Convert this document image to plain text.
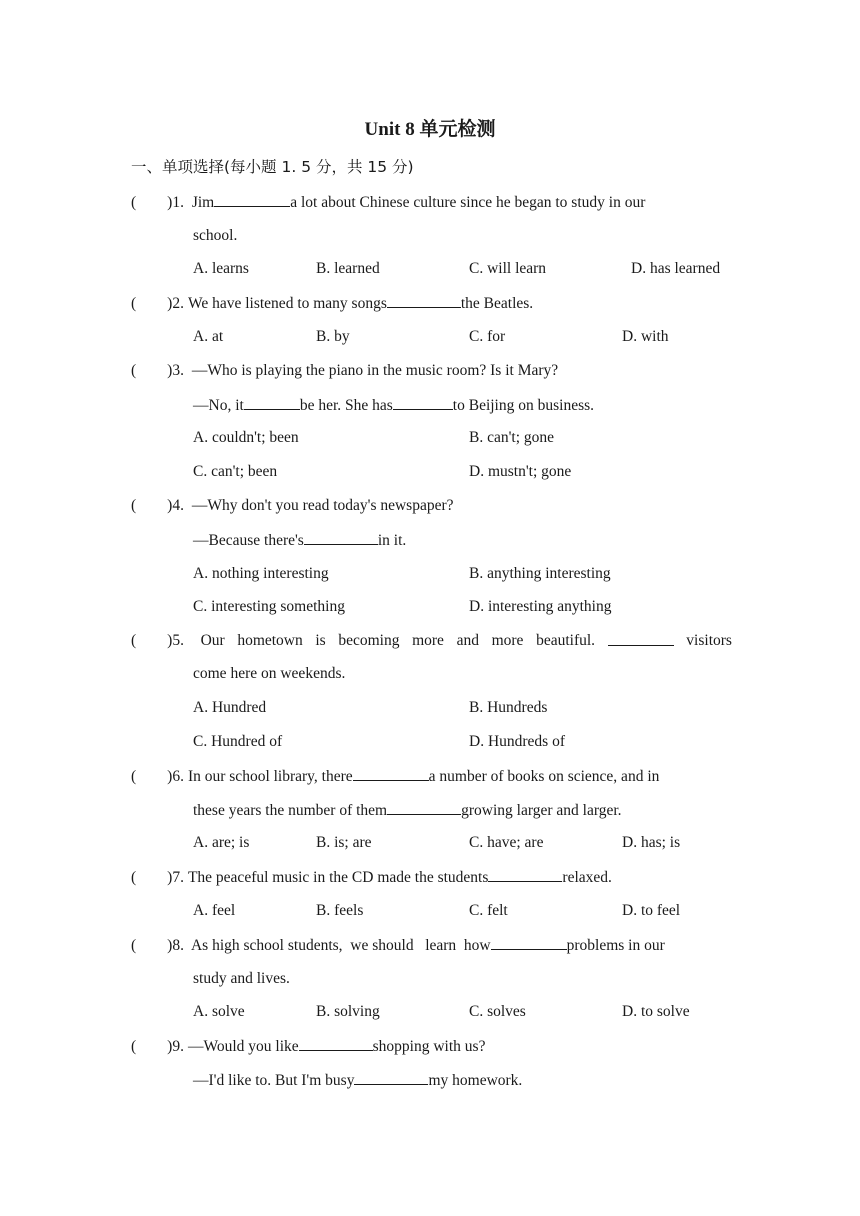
Unit 8 单元检测
一、单项选择(每小题 1. 5 分，共 15 分)
(        )1. Jim	a lot about Chinese culture since he began to study in our
school.
A. learns	B. learned	C. will learn	D. has learned
(        )2. We have listened to many songs	the Beatles.
A. at	B. by	C. for	D. with
(        )3. —Who is playing the piano in the music room? Is it Mary?
—No, it	be her. She has	to Beijing on business.
A. couldn't; been	B. can't; gone
C. can't; been	D. mustn't; gone
(        )4. —Why don't you read today's newspaper?
—Because there's	in it.
A. nothing interesting	B. anything interesting
C. interesting something	D. interesting anything
(        )5. Our hometown is becoming more and more beautiful.	visitors
come here on weekends.
A. Hundred	B. Hundreds
C. Hundred of	D. Hundreds of
(        )6. In our school library, there	a number of books on science, and in
these years the number of them	growing larger and larger.
A. are; is	B. is; are	C. have; are	D. has; is
(        )7. The peaceful music in the CD made the students	relaxed.
A. feel	B. feels	C. felt	D. to feel
(        )8. As high school students,  we should   learn  how	problems in our
study and lives.
A. solve	B. solving	C. solves	D. to solve
(        )9. —Would you like	shopping with us?
—I'd like to. But I'm busy	my homework.
